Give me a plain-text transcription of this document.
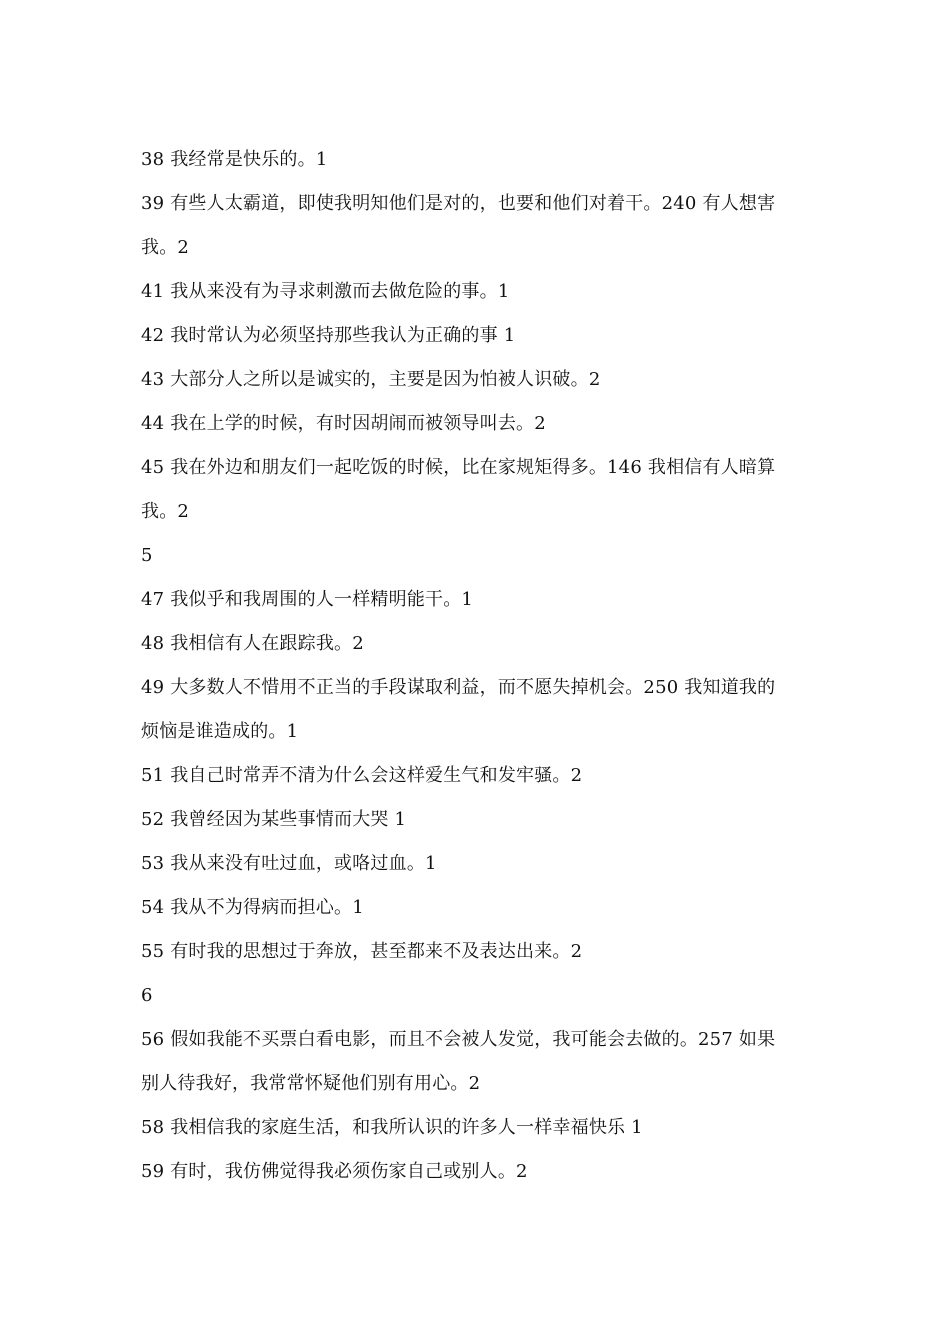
38 我经常是快乐的。1
39 有些人太霸道，即使我明知他们是对的，也要和他们对着干。240 有人想害
我。2
41 我从来没有为寻求刺激而去做危险的事。1
42 我时常认为必须坚持那些我认为正确的事 1
43 大部分人之所以是诚实的，主要是因为怕被人识破。2
44 我在上学的时候，有时因胡闹而被领导叫去。2
45 我在外边和朋友们一起吃饭的时候，比在家规矩得多。146 我相信有人暗算
我。2
5
47 我似乎和我周围的人一样精明能干。1
48 我相信有人在跟踪我。2
49 大多数人不惜用不正当的手段谋取利益，而不愿失掉机会。250 我知道我的
烦恼是谁造成的。1
51 我自己时常弄不清为什么会这样爱生气和发牢骚。2
52 我曾经因为某些事情而大哭 1
53 我从来没有吐过血，或咯过血。1
54 我从不为得病而担心。1
55 有时我的思想过于奔放，甚至都来不及表达出来。2
6
56 假如我能不买票白看电影，而且不会被人发觉，我可能会去做的。257 如果
别人待我好，我常常怀疑他们别有用心。2
58 我相信我的家庭生活，和我所认识的许多人一样幸福快乐 1
59 有时，我仿佛觉得我必须伤家自己或别人。2
